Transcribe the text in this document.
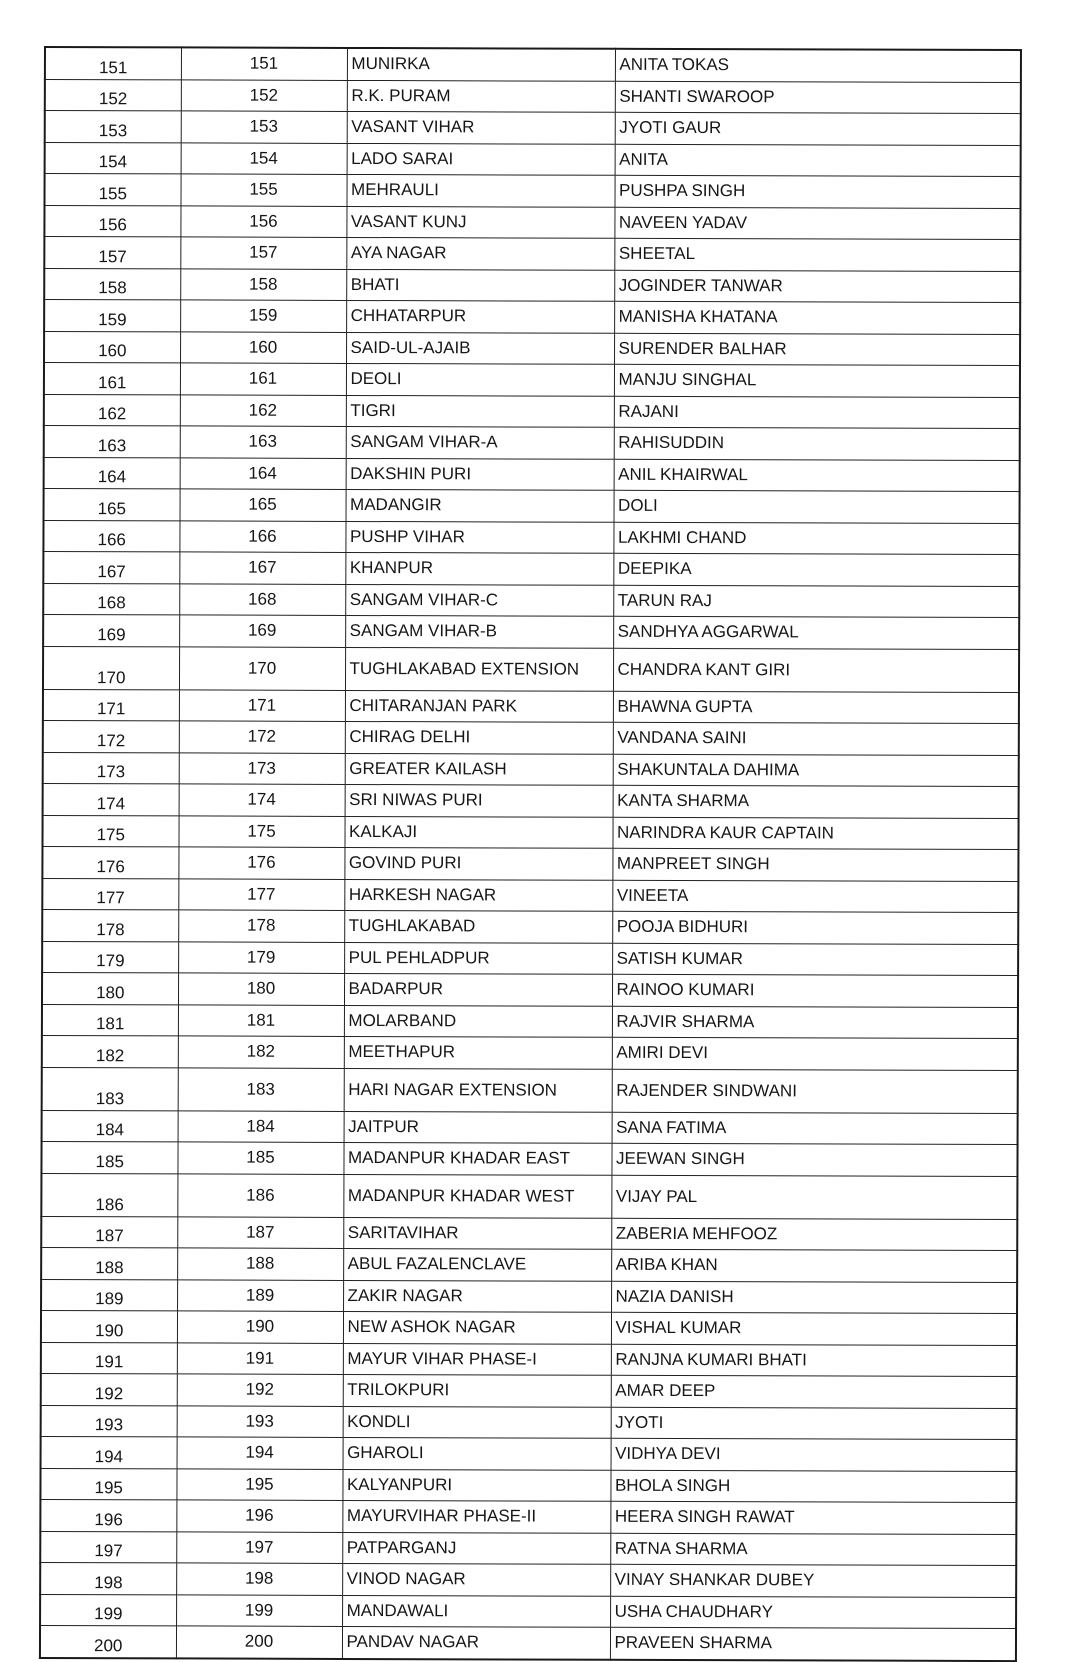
151	151	MUNIRKA	ANITA TOKAS
152	152	R.K. PURAM	SHANTI SWAROOP
153	153	VASANT VIHAR	JYOTI GAUR
154	154	LADO SARAI	ANITA
155	155	MEHRAULI	PUSHPA SINGH
156	156	VASANT KUNJ	NAVEEN YADAV
157	157	AYA NAGAR	SHEETAL
158	158	BHATI	JOGINDER TANWAR
159	159	CHHATARPUR	MANISHA KHATANA
160	160	SAID-UL-AJAIB	SURENDER BALHAR
161	161	DEOLI	MANJU SINGHAL
162	162	TIGRI	RAJANI
163	163	SANGAM VIHAR-A	RAHISUDDIN
164	164	DAKSHIN PURI	ANIL KHAIRWAL
165	165	MADANGIR	DOLI
166	166	PUSHP VIHAR	LAKHMI CHAND
167	167	KHANPUR	DEEPIKA
168	168	SANGAM VIHAR-C	TARUN RAJ
169	169	SANGAM VIHAR-B	SANDHYA AGGARWAL
170	170	TUGHLAKABAD EXTENSION	CHANDRA KANT GIRI
171	171	CHITARANJAN PARK	BHAWNA GUPTA
172	172	CHIRAG DELHI	VANDANA SAINI
173	173	GREATER KAILASH	SHAKUNTALA DAHIMA
174	174	SRI NIWAS PURI	KANTA SHARMA
175	175	KALKAJI	NARINDRA KAUR CAPTAIN
176	176	GOVIND PURI	MANPREET SINGH
177	177	HARKESH NAGAR	VINEETA
178	178	TUGHLAKABAD	POOJA BIDHURI
179	179	PUL PEHLADPUR	SATISH KUMAR
180	180	BADARPUR	RAINOO KUMARI
181	181	MOLARBAND	RAJVIR SHARMA
182	182	MEETHAPUR	AMIRI DEVI
183	183	HARI NAGAR EXTENSION	RAJENDER SINDWANI
184	184	JAITPUR	SANA FATIMA
185	185	MADANPUR KHADAR EAST	JEEWAN SINGH
186	186	MADANPUR KHADAR WEST	VIJAY PAL
187	187	SARITAVIHAR	ZABERIA MEHFOOZ
188	188	ABUL FAZALENCLAVE	ARIBA KHAN
189	189	ZAKIR NAGAR	NAZIA DANISH
190	190	NEW ASHOK NAGAR	VISHAL KUMAR
191	191	MAYUR VIHAR PHASE-I	RANJNA KUMARI BHATI
192	192	TRILOKPURI	AMAR DEEP
193	193	KONDLI	JYOTI
194	194	GHAROLI	VIDHYA DEVI
195	195	KALYANPURI	BHOLA SINGH
196	196	MAYURVIHAR PHASE-II	HEERA SINGH RAWAT
197	197	PATPARGANJ	RATNA SHARMA
198	198	VINOD NAGAR	VINAY SHANKAR DUBEY
199	199	MANDAWALI	USHA CHAUDHARY
200	200	PANDAV NAGAR	PRAVEEN SHARMA
